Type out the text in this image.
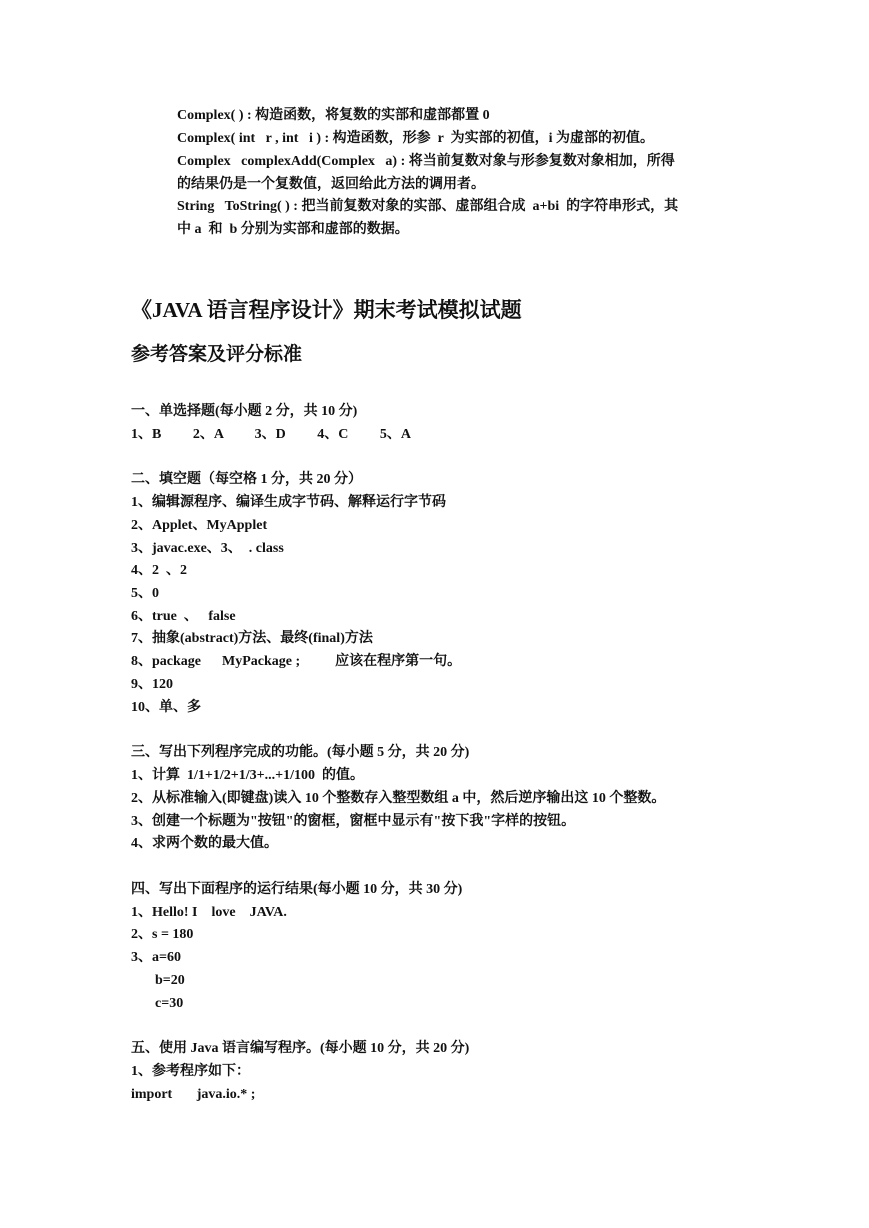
Complex( ) : 构造函数，将复数的实部和虚部都置 0
Complex( int   r , int   i ) : 构造函数，形参  r  为实部的初值，i 为虚部的初值。
Complex   complexAdd(Complex   a) : 将当前复数对象与形参复数对象相加，所得
的结果仍是一个复数值，返回给此方法的调用者。
String   ToString( ) : 把当前复数对象的实部、虚部组合成  a+bi  的字符串形式，其
中 a  和  b 分别为实部和虚部的数据。
《JAVA 语言程序设计》期末考试模拟试题
参考答案及评分标准
一、单选择题(每小题 2 分，共 10 分)
1、B         2、A         3、D         4、C         5、A
二、填空题（每空格 1 分，共 20 分）
1、编辑源程序、编译生成字节码、解释运行字节码
2、Applet、MyApplet
3、javac.exe、3、  . class
4、2  、2
5、0
6、true  、   false
7、抽象(abstract)方法、最终(final)方法
8、package      MyPackage ;          应该在程序第一句。
9、120
10、单、多
三、写出下列程序完成的功能。(每小题 5 分，共 20 分)
1、计算  1/1+1/2+1/3+...+1/100  的值。
2、从标准输入(即键盘)读入 10 个整数存入整型数组 a 中，然后逆序输出这 10 个整数。
3、创建一个标题为"按钮"的窗框，窗框中显示有"按下我"字样的按钮。
4、求两个数的最大值。
四、写出下面程序的运行结果(每小题 10 分，共 30 分)
1、Hello! I    love    JAVA.
2、s = 180
3、a=60
b=20
c=30
五、使用 Java 语言编写程序。(每小题 10 分，共 20 分)
1、参考程序如下：
import       java.io.* ;
